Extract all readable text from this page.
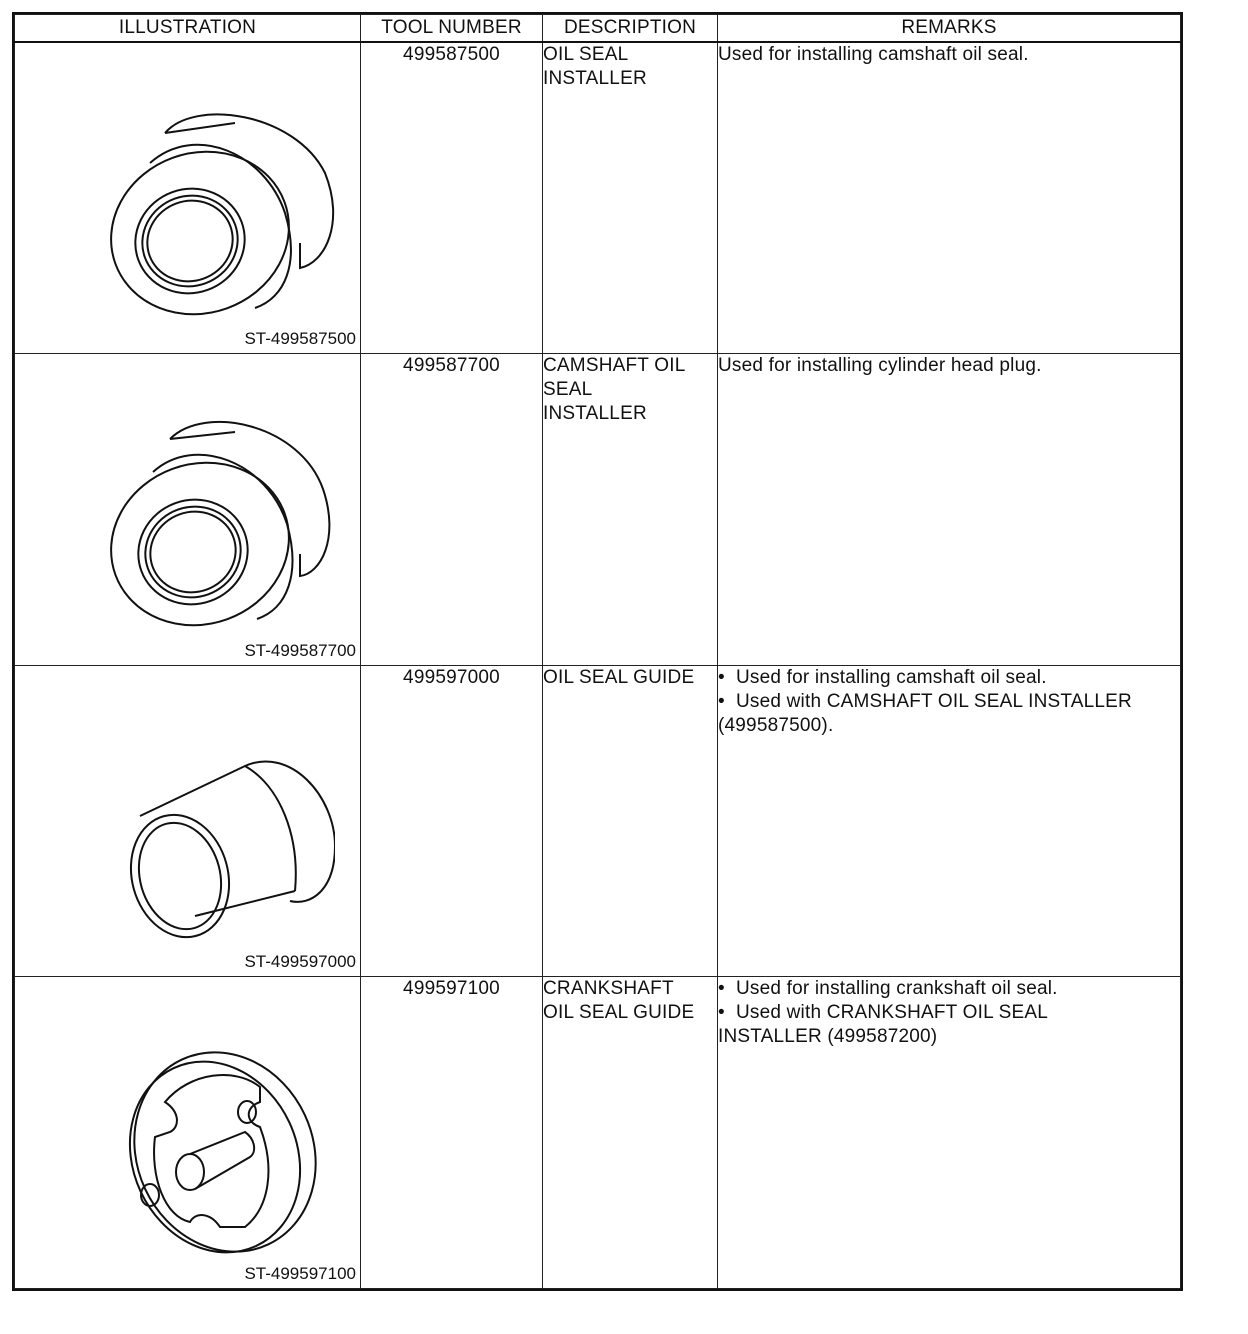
ILLUSTRATION	TOOL NUMBER	DESCRIPTION	REMARKS

ST-499587500	499587500	OIL SEAL
INSTALLER	Used for installing camshaft oil seal.

ST-499587700	499587700	CAMSHAFT OIL
SEAL
INSTALLER	Used for installing cylinder head plug.

ST-499597000	499597000	OIL SEAL GUIDE	• Used for installing camshaft oil seal.
• Used with CAMSHAFT OIL SEAL INSTALLER
(499587500).

ST-499597100	499597100	CRANKSHAFT
OIL SEAL GUIDE	• Used for installing crankshaft oil seal.
• Used with CRANKSHAFT OIL SEAL
INSTALLER (499587200)
